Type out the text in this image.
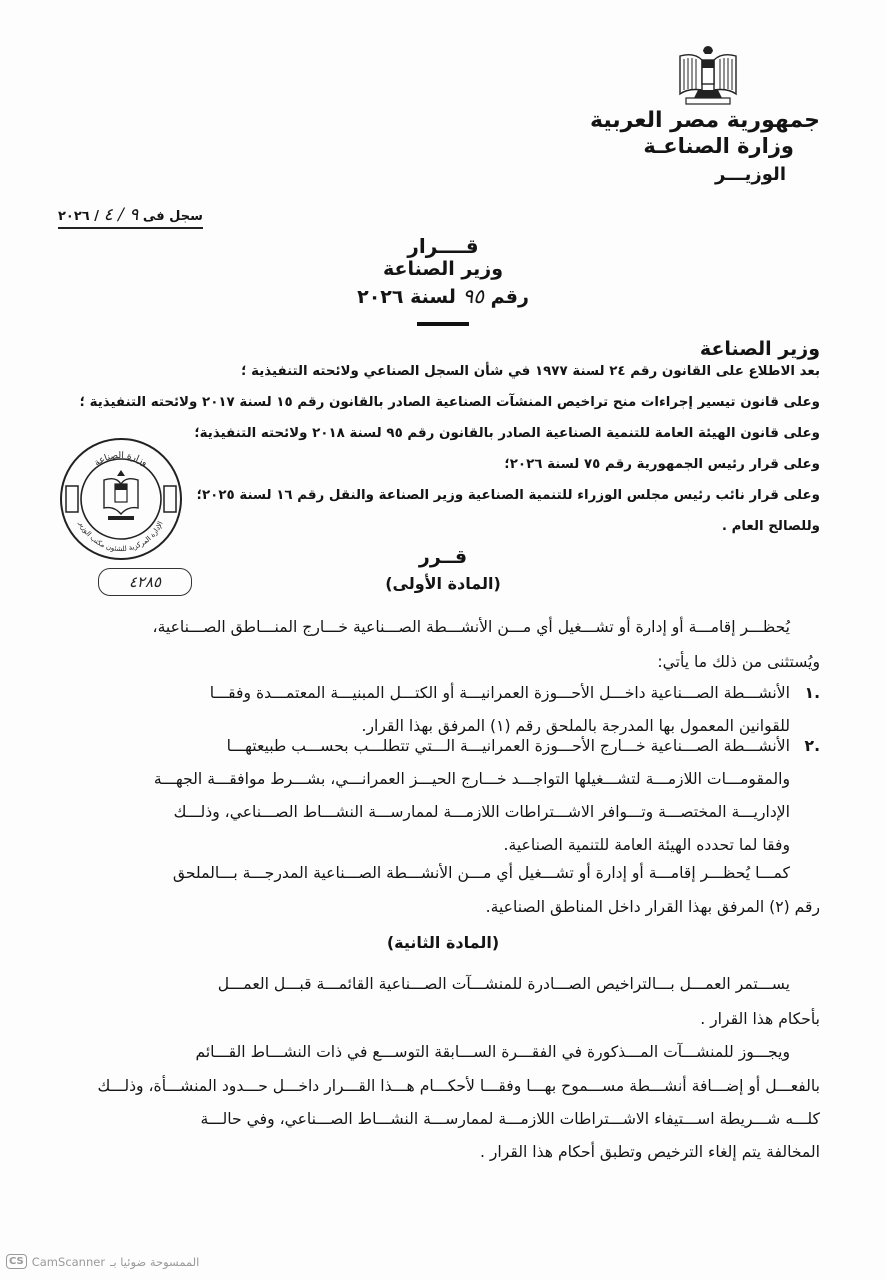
جمهورية مصر العربية
وزارة الصناعـة
الوزيـــر
سجل فى ٩ / ٤ / ٢٠٢٦
قــــرار
وزير الصناعة
رقم ٩٥ لسنة ٢٠٢٦
وزير الصناعة
بعد الاطلاع على القانون رقم ٢٤ لسنة ١٩٧٧ في شأن السجل الصناعي ولائحته التنفيذية ؛
وعلى قانون تيسير إجراءات منح تراخيص المنشآت الصناعية الصادر بالقانون رقم ١٥ لسنة ٢٠١٧ ولائحته التنفيذية ؛
وعلى قانون الهيئة العامة للتنمية الصناعية الصادر بالقانون رقم ٩٥ لسنة ٢٠١٨ ولائحته التنفيذية؛
وعلى قرار رئيس الجمهورية رقم ٧٥ لسنة ٢٠٢٦؛
وعلى قرار نائب رئيس مجلس الوزراء للتنمية الصناعية وزير الصناعة والنقل رقم ١٦ لسنة ٢٠٢٥؛
وللصالح العام .
وزارة الصناعة
الإدارة المركزية للشئون مكتب الوزير
٤٢٨٥
قــرر
(المادة الأولى)
يُحظـــر إقامـــة أو إدارة أو تشـــغيل أي مـــن الأنشـــطة الصـــناعية خـــارج المنـــاطق الصـــناعية،
ويُستثنى من ذلك ما يأتي:
.١
الأنشـــطة الصـــناعية داخـــل الأحـــوزة العمرانيـــة أو الكتـــل المبنيـــة المعتمـــدة وفقـــا
للقوانين المعمول بها المدرجة بالملحق رقم (١) المرفق بهذا القرار.
.٢
الأنشـــطة الصـــناعية خـــارج الأحـــوزة العمرانيـــة الـــتي تتطلـــب بحســـب طبيعتهـــا
والمقومـــات اللازمـــة لتشـــغيلها التواجـــد خـــارج الحيـــز العمرانـــي، بشـــرط موافقـــة الجهـــة
الإداريـــة المختصـــة وتـــوافر الاشـــتراطات اللازمـــة لممارســـة النشـــاط الصـــناعي، وذلـــك
وفقا لما تحدده الهيئة العامة للتنمية الصناعية.
كمـــا يُحظـــر إقامـــة أو إدارة أو تشـــغيل أي مـــن الأنشـــطة الصـــناعية المدرجـــة بـــالملحق
رقم (٢) المرفق بهذا القرار داخل المناطق الصناعية.
(المادة الثانية)
يســـتمر العمـــل بـــالتراخيص الصـــادرة للمنشـــآت الصـــناعية القائمـــة قبـــل العمـــل
بأحكام هذا القرار .
ويجـــوز للمنشـــآت المـــذكورة في الفقـــرة الســـابقة التوســـع في ذات النشـــاط القـــائم
بالفعـــل أو إضـــافة أنشـــطة مســـموح بهـــا وفقـــا لأحكـــام هـــذا القـــرار داخـــل حـــدود المنشـــأة، وذلـــك
كلـــه شـــريطة اســـتيفاء الاشـــتراطات اللازمـــة لممارســـة النشـــاط الصـــناعي، وفي حالـــة
المخالفة يتم إلغاء الترخيص وتطبق أحكام هذا القرار .
CS CamScanner الممسوحة ضوئيا بـ
